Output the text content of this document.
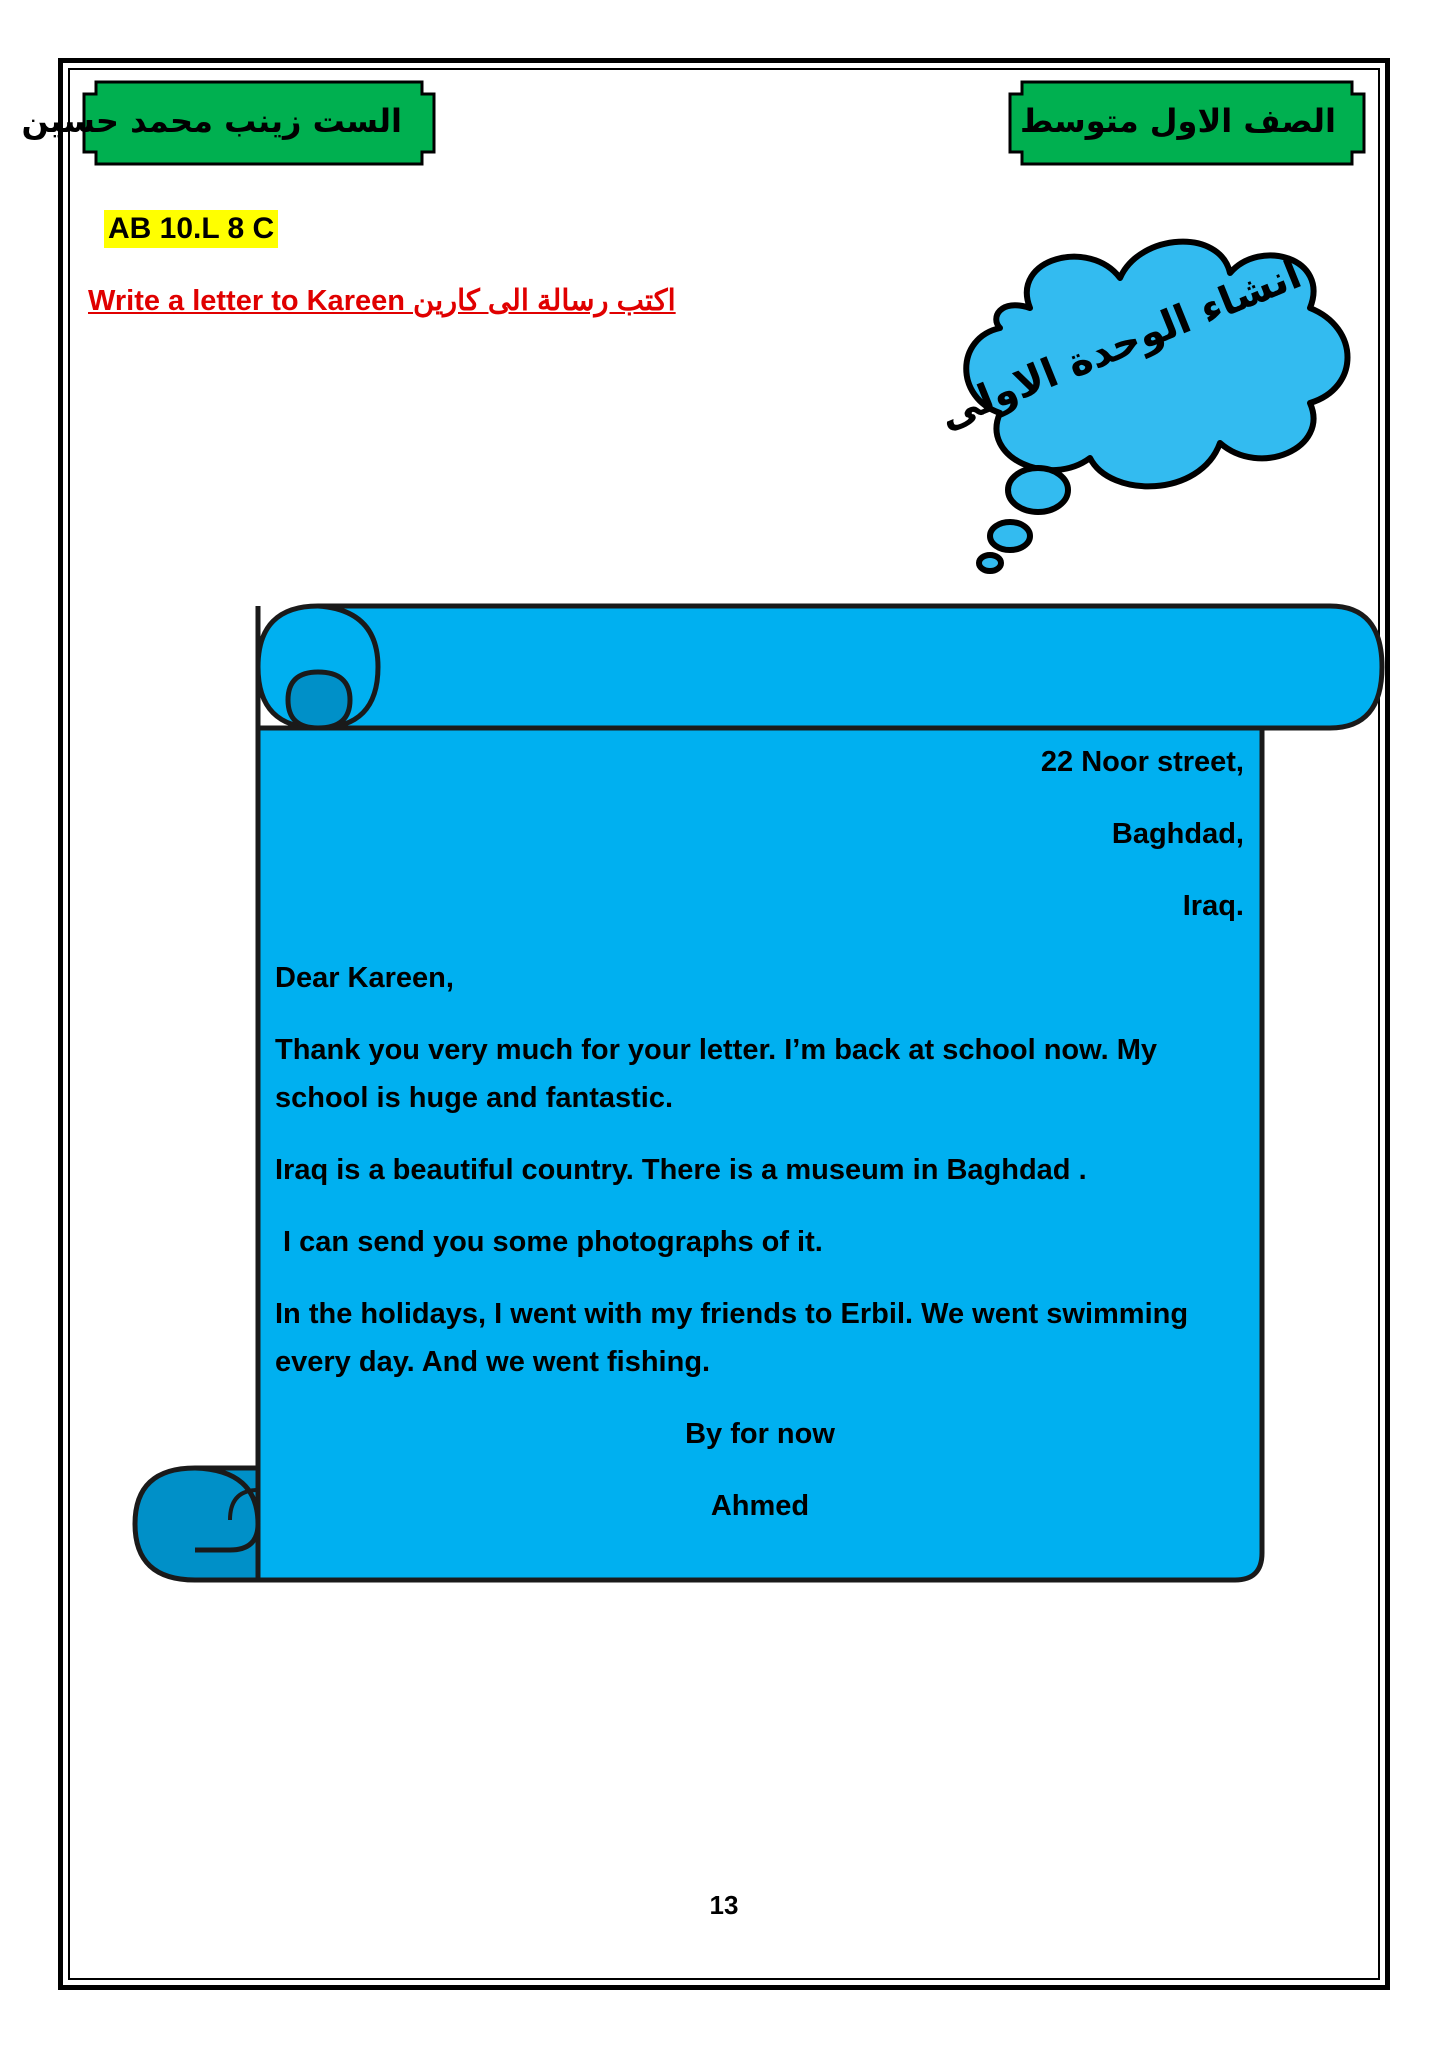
الست زينب محمد حسين	الصف الاول متوسط
AB 10.L 8 C
Write a letter to Kareen اكتب رسالة الى كارين	انشاء الوحدة الاولى
22 Noor street,
Baghdad,
Iraq.
Dear Kareen,
Thank you very much for your letter. I’m back at school now. My school is huge and fantastic.
Iraq is a beautiful country. There is a museum in Baghdad .
I can send you some photographs of it.
In the holidays, I went with my friends to Erbil. We went swimming every day. And we went fishing.
By for now
Ahmed
13
